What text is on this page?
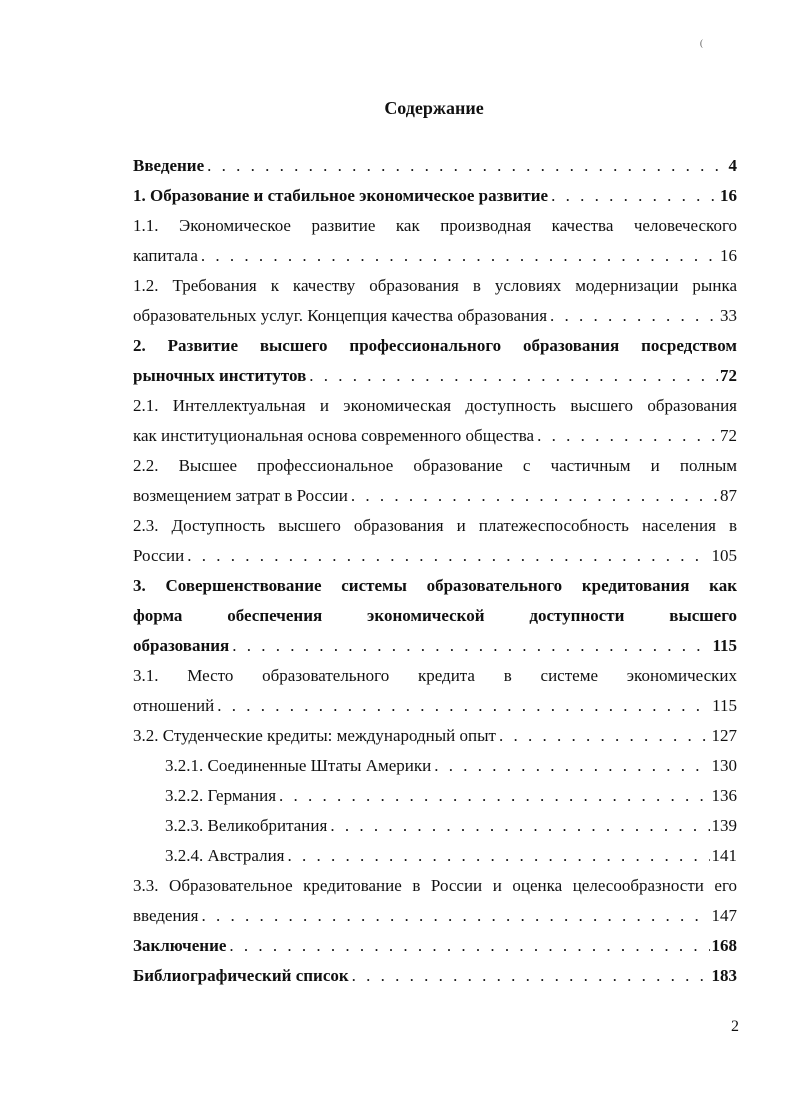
(
Содержание
Введение . . .	4
1. Образование и стабильное экономическое развитие . . .	16
1.1. Экономическое развитие как производная качества человеческого
капитала . . .	16
1.2. Требования к качеству образования в условиях модернизации рынка
образовательных услуг. Концепция качества образования . . .	33
2. Развитие высшего профессионального образования посредством
рыночных институтов . . .	72
2.1. Интеллектуальная и экономическая доступность высшего образования
как институциональная основа современного общества . . .	72
2.2. Высшее профессиональное образование с частичным и полным
возмещением затрат в России . . .	87
2.3. Доступность высшего образования и платежеспособность населения в
России . . .	105
3. Совершенствование системы образовательного кредитования как
форма обеспечения экономической доступности высшего
образования . . .	115
3.1. Место образовательного кредита в системе экономических
отношений . . .	115
3.2. Студенческие кредиты: международный опыт . . .	127
3.2.1. Соединенные Штаты Америки . . .	130
3.2.2. Германия . . .	136
3.2.3. Великобритания . . .	139
3.2.4. Австралия . . .	141
3.3. Образовательное кредитование в России и оценка целесообразности его
введения . . .	147
Заключение . . .	168
Библиографический список . . .	183
2
